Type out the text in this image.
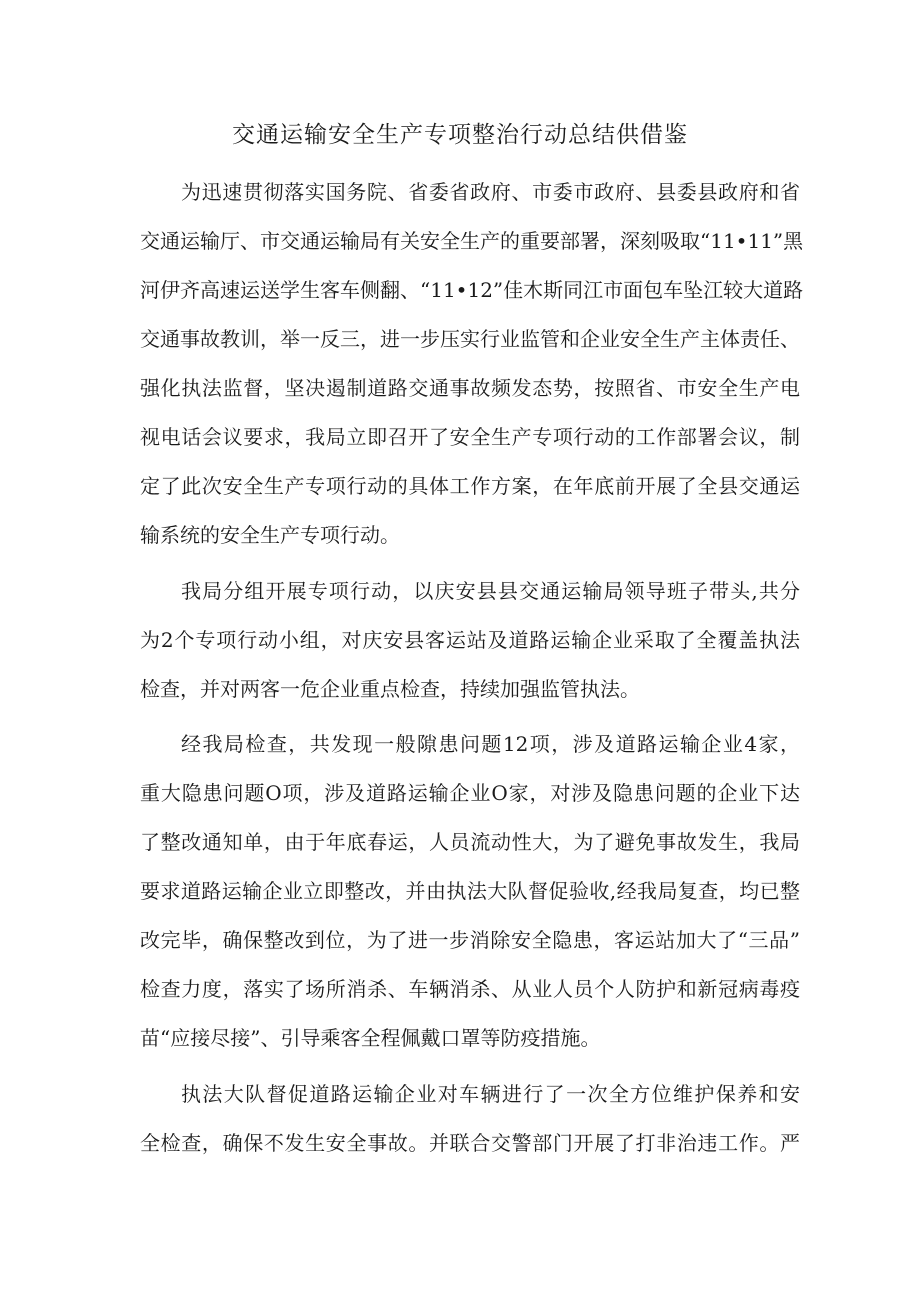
交通运输安全生产专项整治行动总结供借鉴
为迅速贯彻落实国务院、省委省政府、市委市政府、县委县政府和省
交通运输厅、市交通运输局有关安全生产的重要部署，深刻吸取“11•11”黑
河伊齐高速运送学生客车侧翻、“11•12”佳木斯同江市面包车坠江较大道路
交通事故教训，举一反三，进一步压实行业监管和企业安全生产主体责任、
强化执法监督，坚决遏制道路交通事故频发态势，按照省、市安全生产电
视电话会议要求，我局立即召开了安全生产专项行动的工作部署会议，制
定了此次安全生产专项行动的具体工作方案，在年底前开展了全县交通运
输系统的安全生产专项行动。
我局分组开展专项行动，以庆安县县交通运输局领导班子带头,共分
为2个专项行动小组，对庆安县客运站及道路运输企业采取了全覆盖执法
检查，并对两客一危企业重点检查，持续加强监管执法。
经我局检查，共发现一般隙患问题12项，涉及道路运输企业4家，
重大隐患问题O项，涉及道路运输企业O家，对涉及隐患问题的企业下达
了整改通知单，由于年底春运，人员流动性大，为了避免事故发生，我局
要求道路运输企业立即整改，并由执法大队督促验收,经我局复查，均已整
改完毕，确保整改到位，为了进一步消除安全隐患，客运站加大了“三品”
检查力度，落实了场所消杀、车辆消杀、从业人员个人防护和新冠病毒疫
苗“应接尽接”、引导乘客全程佩戴口罩等防疫措施。
执法大队督促道路运输企业对车辆进行了一次全方位维护保养和安
全检查，确保不发生安全事故。并联合交警部门开展了打非治违工作。严
